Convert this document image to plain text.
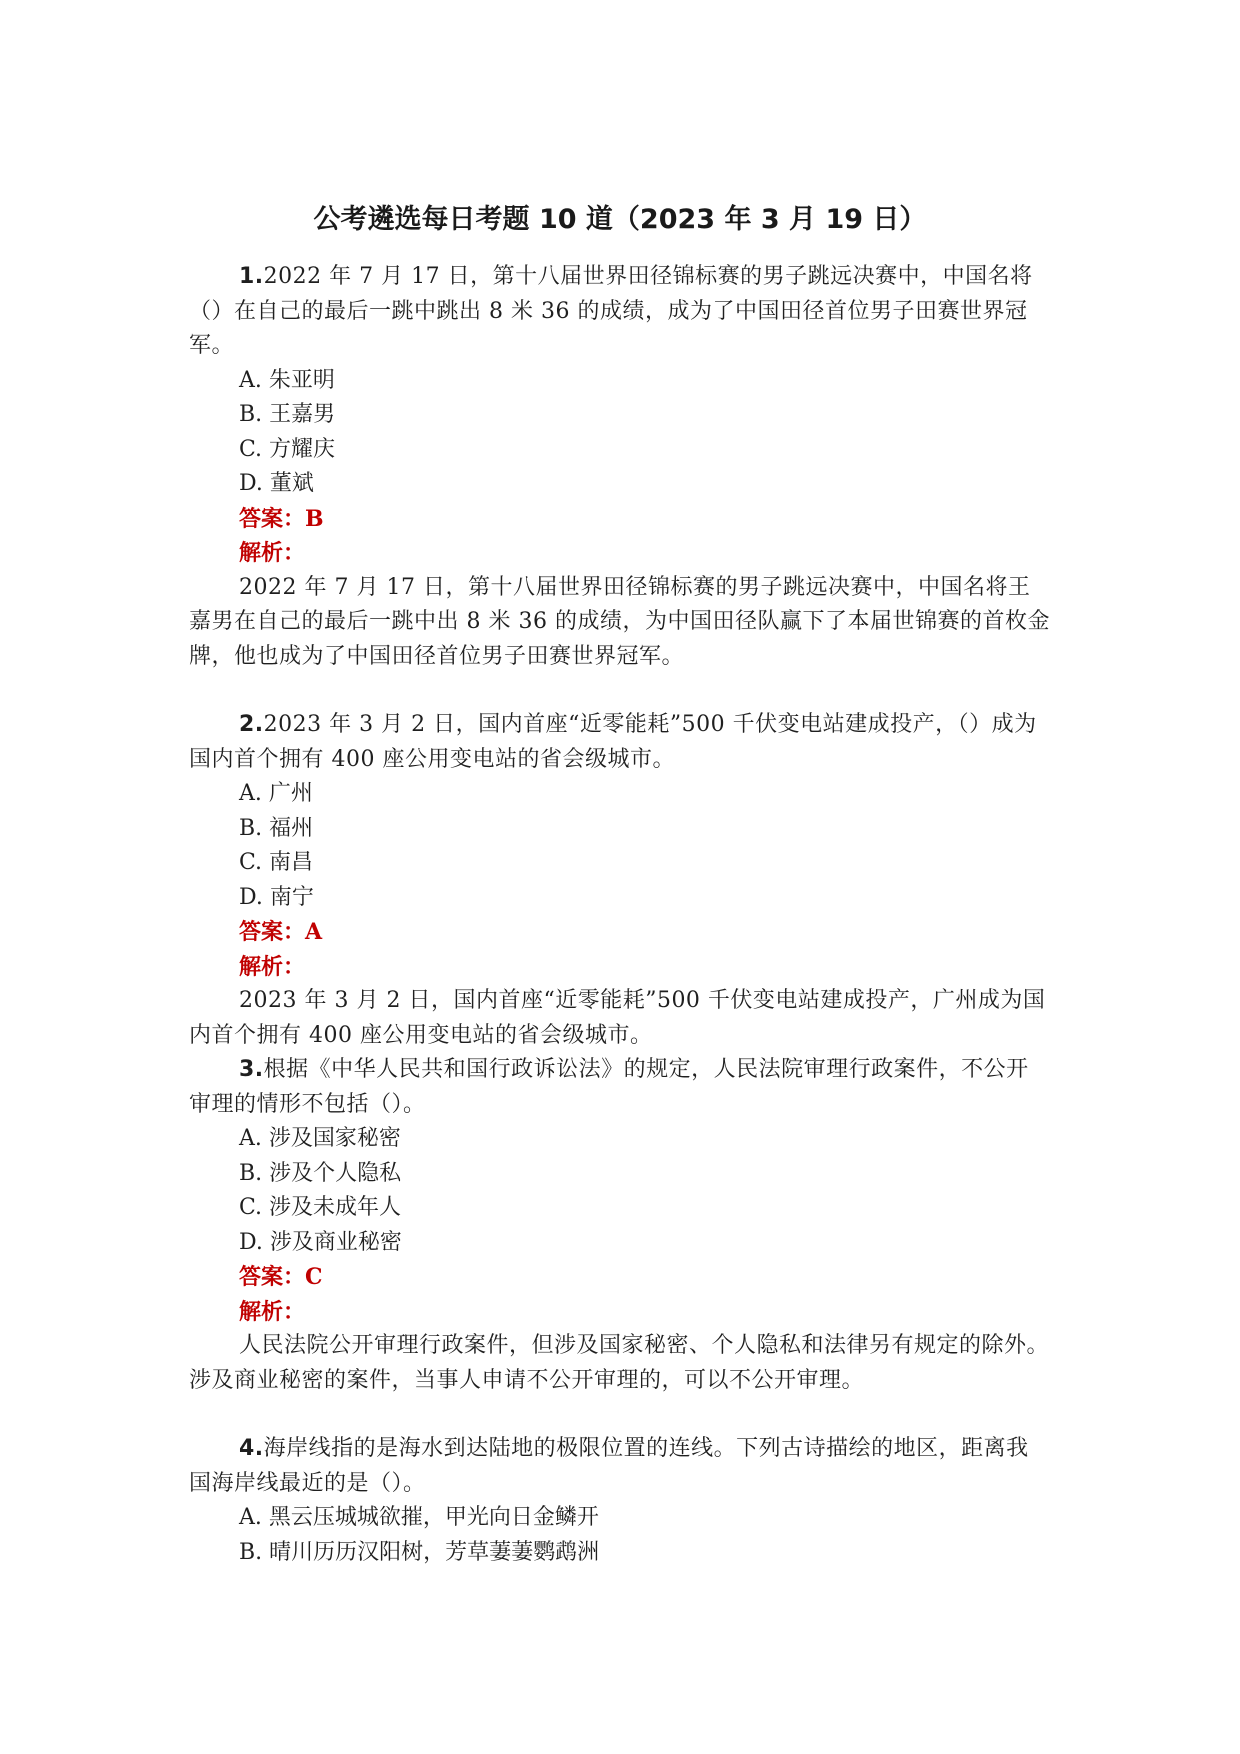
公考遴选每日考题 10 道（2023 年 3 月 19 日）

1.2022 年 7 月 17 日，第十八届世界田径锦标赛的男子跳远决赛中，中国名将（）在自己的最后一跳中跳出 8 米 36 的成绩，成为了中国田径首位男子田赛世界冠军。

A. 朱亚明

B. 王嘉男

C. 方耀庆

D. 董斌

答案：B

解析：

2022 年 7 月 17 日，第十八届世界田径锦标赛的男子跳远决赛中，中国名将王嘉男在自己的最后一跳中出 8 米 36 的成绩，为中国田径队赢下了本届世锦赛的首枚金牌，他也成为了中国田径首位男子田赛世界冠军。

2.2023 年 3 月 2 日，国内首座“近零能耗”500 千伏变电站建成投产，（）成为国内首个拥有 400 座公用变电站的省会级城市。

A. 广州

B. 福州

C. 南昌

D. 南宁

答案：A

解析：

2023 年 3 月 2 日，国内首座“近零能耗”500 千伏变电站建成投产，广州成为国内首个拥有 400 座公用变电站的省会级城市。

3.根据《中华人民共和国行政诉讼法》的规定，人民法院审理行政案件，不公开审理的情形不包括（）。

A. 涉及国家秘密

B. 涉及个人隐私

C. 涉及未成年人

D. 涉及商业秘密

答案：C

解析：

人民法院公开审理行政案件，但涉及国家秘密、个人隐私和法律另有规定的除外。涉及商业秘密的案件，当事人申请不公开审理的，可以不公开审理。

4.海岸线指的是海水到达陆地的极限位置的连线。下列古诗描绘的地区，距离我国海岸线最近的是（）。

A. 黑云压城城欲摧，甲光向日金鳞开

B. 晴川历历汉阳树，芳草萋萋鹦鹉洲
